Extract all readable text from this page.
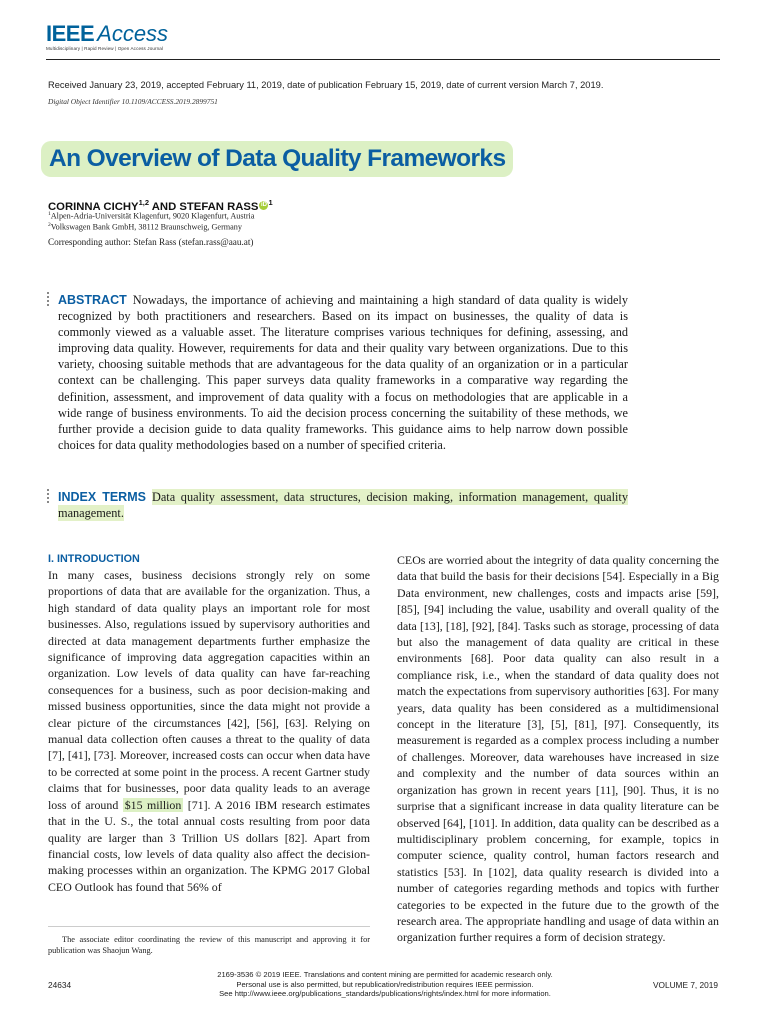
IEEE Access
Multidisciplinary | Rapid Review | Open Access Journal
Received January 23, 2019, accepted February 11, 2019, date of publication February 15, 2019, date of current version March 7, 2019.
Digital Object Identifier 10.1109/ACCESS.2019.2899751
An Overview of Data Quality Frameworks
CORINNA CICHY$^{1,2}$ AND STEFAN RASS iD $^1$
$^1$Alpen-Adria-Universität Klagenfurt, 9020 Klagenfurt, Austria
$^2$Volkswagen Bank GmbH, 38112 Braunschweig, Germany
Corresponding author: Stefan Rass (stefan.rass@aau.at)
ABSTRACT Nowadays, the importance of achieving and maintaining a high standard of data quality is widely recognized by both practitioners and researchers. Based on its impact on businesses, the quality of data is commonly viewed as a valuable asset. The literature comprises various techniques for defining, assessing, and improving data quality. However, requirements for data and their quality vary between organizations. Due to this variety, choosing suitable methods that are advantageous for the data quality of an organization or in a particular context can be challenging. This paper surveys data quality frameworks in a comparative way regarding the definition, assessment, and improvement of data quality with a focus on methodologies that are applicable in a wide range of business environments. To aid the decision process concerning the suitability of these methods, we further provide a decision guide to data quality frameworks. This guidance aims to help narrow down possible choices for data quality methodologies based on a number of specified criteria.
INDEX TERMS Data quality assessment, data structures, decision making, information management, quality management.
I. INTRODUCTION

In many cases, business decisions strongly rely on some proportions of data that are available for the organization. Thus, a high standard of data quality plays an important role for most businesses. Also, regulations issued by supervisory authorities and directed at data management departments further emphasize the significance of improving data aggregation capacities within an organization. Low levels of data quality can have far-reaching consequences for a business, such as poor decision-making and missed business opportunities, since the data might not provide a clear picture of the circumstances [42], [56], [63]. Relying on manual data collection often causes a threat to the quality of data [7], [41], [73]. Moreover, increased costs can occur when data have to be corrected at some point in the process. A recent Gartner study claims that for businesses, poor data quality leads to an average loss of around $15 million [71]. A 2016 IBM research estimates that in the U. S., the total annual costs resulting from poor data quality are larger than 3 Trillion US dollars [82]. Apart from financial costs, low levels of data quality also affect the decision-making processes within an organization. The KPMG 2017 Global CEO Outlook has found that 56% of

CEOs are worried about the integrity of data quality concerning the data that build the basis for their decisions [54]. Especially in a Big Data environment, new challenges, costs and impacts arise [59], [85], [94] including the value, usability and overall quality of the data [13], [18], [92], [84]. Tasks such as storage, processing of data but also the management of data quality are critical in these environments [68]. Poor data quality can also result in a compliance risk, i.e., when the standard of data quality does not match the expectations from supervisory authorities [63]. For many years, data quality has been considered as a multidimensional concept in the literature [3], [5], [81], [97]. Consequently, its measurement is regarded as a complex process including a number of challenges. Moreover, data warehouses have increased in size and complexity and the number of data sources within an organization has grown in recent years [11], [90]. Thus, it is no surprise that a significant increase in data quality literature can be observed [64], [101]. In addition, data quality can be described as a multidisciplinary problem concerning, for example, topics in computer science, quality control, human factors research and statistics [53]. In [102], data quality research is divided into a number of categories regarding methods and topics with further categories to be expected in the future due to the growth of the research area. The appropriate handling and usage of data within an organization further requires a form of decision strategy.

The associate editor coordinating the review of this manuscript and approving it for publication was Shaojun Wang.
24634
2169-3536 © 2019 IEEE. Translations and content mining are permitted for academic research only.
Personal use is also permitted, but republication/redistribution requires IEEE permission.
See http://www.ieee.org/publications_standards/publications/rights/index.html for more information.
VOLUME 7, 2019
